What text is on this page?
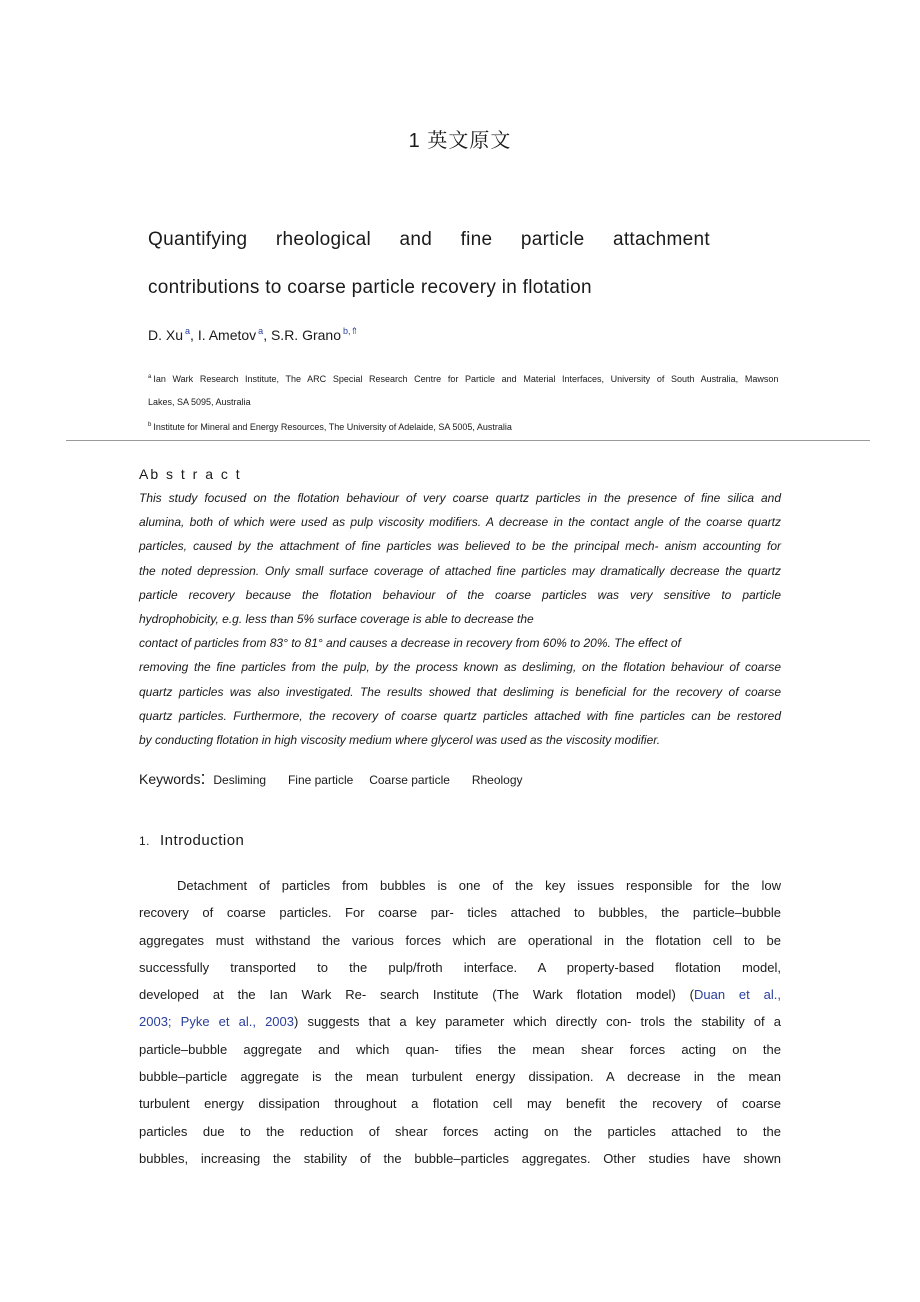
1 英文原文
Quantifying rheological and fine particle attachment
contributions to coarse particle recovery in flotation
D. Xu $^a$, I. Ametov $^a$, S.R. Grano $^{b,⇑}$
$^a$ Ian Wark Research Institute, The ARC Special Research Centre for Particle and Material Interfaces, University of South Australia, Mawson
Lakes, SA 5095, Australia
$^b$ Institute for Mineral and Energy Resources, The University of Adelaide, SA 5005, Australia
Ab s t r a c t
This study focused on the flotation behaviour of very coarse quartz particles in the presence of fine silica and
alumina, both of which were used as pulp viscosity modifiers. A decrease in the contact angle of the coarse quartz
particles, caused by the attachment of fine particles was believed to be the principal mech- anism accounting for
the noted depression. Only small surface coverage of attached fine particles may dramatically decrease the quartz
particle recovery because the flotation behaviour of the coarse particles was very sensitive to particle
hydrophobicity, e.g. less than 5% surface coverage is able to decrease the
contact of particles from 83° to 81° and causes a decrease in recovery from 60% to 20%. The effect of
removing the fine particles from the pulp, by the process known as desliming, on the flotation behaviour of coarse
quartz particles was also investigated. The results showed that desliming is beneficial for the recovery of coarse
quartz particles. Furthermore, the recovery of coarse quartz particles attached with fine particles can be restored
by conducting flotation in high viscosity medium where glycerol was used as the viscosity modifier.
Keywords: Desliming Fine particle Coarse particle Rheology
1. Introduction
Detachment of particles from bubbles is one of the key issues responsible for the low
recovery of coarse particles. For coarse par- ticles attached to bubbles, the particle–bubble
aggregates must withstand the various forces which are operational in the flotation cell to be
successfully transported to the pulp/froth interface. A property-based flotation model,
developed at the Ian Wark Re- search Institute (The Wark flotation model) (Duan et al.,
2003; Pyke et al., 2003) suggests that a key parameter which directly con- trols the stability of a
particle–bubble aggregate and which quan- tifies the mean shear forces acting on the
bubble–particle aggregate is the mean turbulent energy dissipation. A decrease in the mean
turbulent energy dissipation throughout a flotation cell may benefit the recovery of coarse
particles due to the reduction of shear forces acting on the particles attached to the
bubbles, increasing the stability of the bubble–particles aggregates. Other studies have shown
